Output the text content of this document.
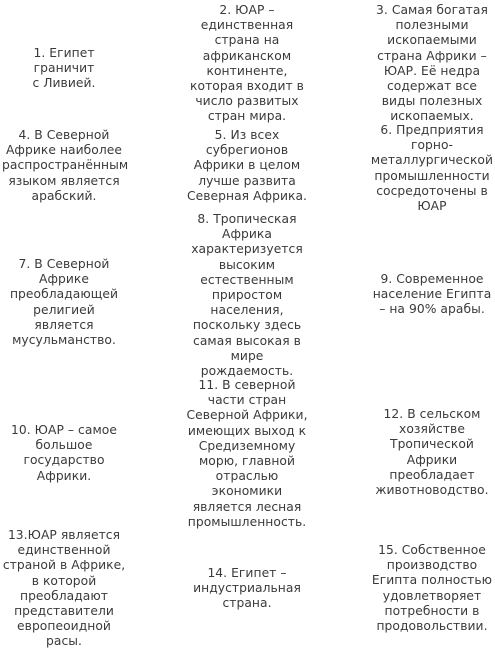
1. Египет граничит
с Ливией.

2. ЮАР –
единственная
страна на
африканском
континенте,
которая входит в
число развитых
стран мира.

3. Самая богатая
полезными
ископаемыми
страна Африки –
ЮАР. Её недра
содержат все
виды полезных
ископаемых.

4. В Северной
Африке наиболее
распространённым
языком является
арабский.

5. Из всех
субрегионов
Африки в целом
лучше развита
Северная Африка.

6. Предприятия
горно-
металлургической
промышленности
сосредоточены в
ЮАР

7. В Северной
Африке
преобладающей
религией является
мусульманство.

8. Тропическая
Африка
характеризуется
высоким
естественным
приростом
населения,
поскольку здесь
самая высокая в
мире
рождаемость.

9. Современное
население Египта
– на 90% арабы.

10. ЮАР – самое
большое
государство
Африки.

11. В северной
части стран
Северной Африки,
имеющих выход к
Средиземному
морю, главной
отраслью
экономики
является лесная
промышленность.

12. В сельском
хозяйстве
Тропической
Африки
преобладает
животноводство.

13.ЮАР является
единственной
страной в Африке,
в которой
преобладают
представители
европеоидной
расы.

14. Египет –
индустриальная
страна.

15. Собственное
производство
Египта полностью
удовлетворяет
потребности в
продовольствии.
